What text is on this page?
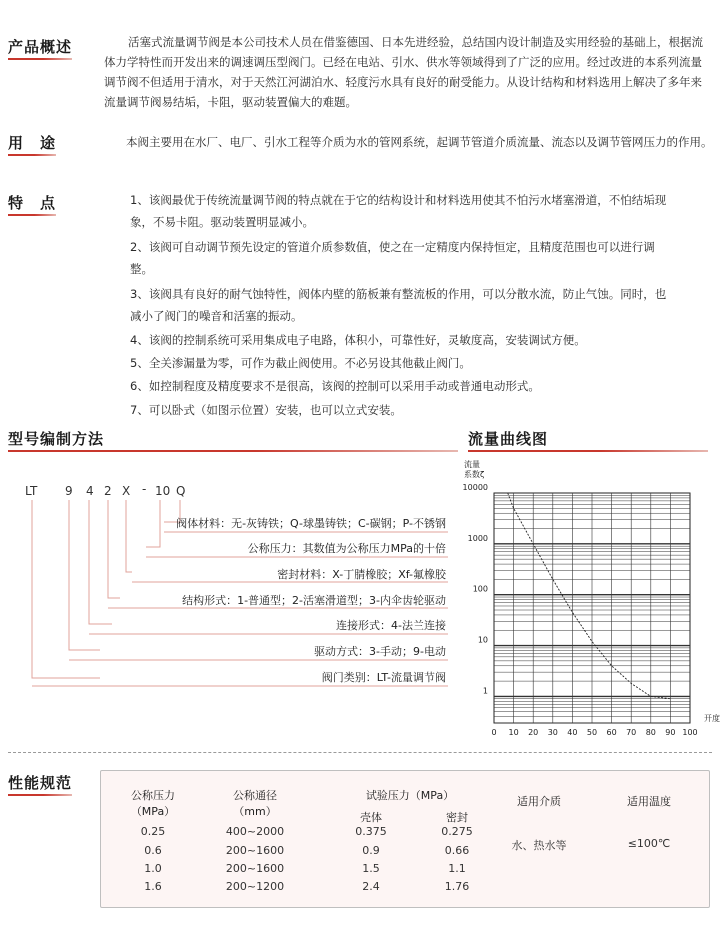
产品概述	活塞式流量调节阀是本公司技术人员在借鉴德国、日本先进经验，总结国内设计制造及实用经验的基础上，根据流
体力学特性而开发出来的调速调压型阀门。已经在电站、引水、供水等领域得到了广泛的应用。经过改进的本系列流量
调节阀不但适用于清水，对于天然江河湖泊水、轻度污水具有良好的耐受能力。从设计结构和材料选用上解决了多年来
流量调节阀易结垢，卡阻，驱动装置偏大的难题。
用　途	本阀主要用在水厂、电厂、引水工程等介质为水的管网系统，起调节管道介质流量、流态以及调节管网压力的作用。
特　点	1、该阀最优于传统流量调节阀的特点就在于它的结构设计和材料选用使其不怕污水堵塞滑道，不怕结垢现
象，不易卡阻。驱动装置明显减小。
2、该阀可自动调节预先设定的管道介质参数值，使之在一定精度内保持恒定，且精度范围也可以进行调
整。
3、该阀具有良好的耐气蚀特性，阀体内壁的筋板兼有整流板的作用，可以分散水流，防止气蚀。同时，也
减小了阀门的噪音和活塞的振动。
4、该阀的控制系统可采用集成电子电路，体积小，可靠性好，灵敏度高，安装调试方便。
5、全关渗漏量为零，可作为截止阀使用。不必另设其他截止阀门。
6、如控制程度及精度要求不是很高，该阀的控制可以采用手动或普通电动形式。
7、可以卧式（如图示位置）安装，也可以立式安装。
型号编制方法
LT 9 4 2 X - 10 Q
阀体材料：无-灰铸铁；Q-球墨铸铁；C-碳钢；P-不锈钢
公称压力：其数值为公称压力MPa的十倍
密封材料：X-丁腈橡胶；Xf-氟橡胶
结构形式：1-普通型；2-活塞滑道型；3-内伞齿轮驱动
连接形式：4-法兰连接
驱动方式：3-手动；9-电动
阀门类别：LT-流量调节阀
流量曲线图
流量
系数ζ
10000
1000
100
10
1
0 10 20 30 40 50 60 70 80 90 100
开度
性能规范
公称压力
（MPa）
公称通径
（mm）
试验压力（MPa）
壳体	密封
适用介质	适用温度
0.25	400~2000	0.375	0.275
0.6	200~1600	0.9	0.66
1.0	200~1600	1.5	1.1
1.6	200~1200	2.4	1.76
水、热水等	≤100℃
